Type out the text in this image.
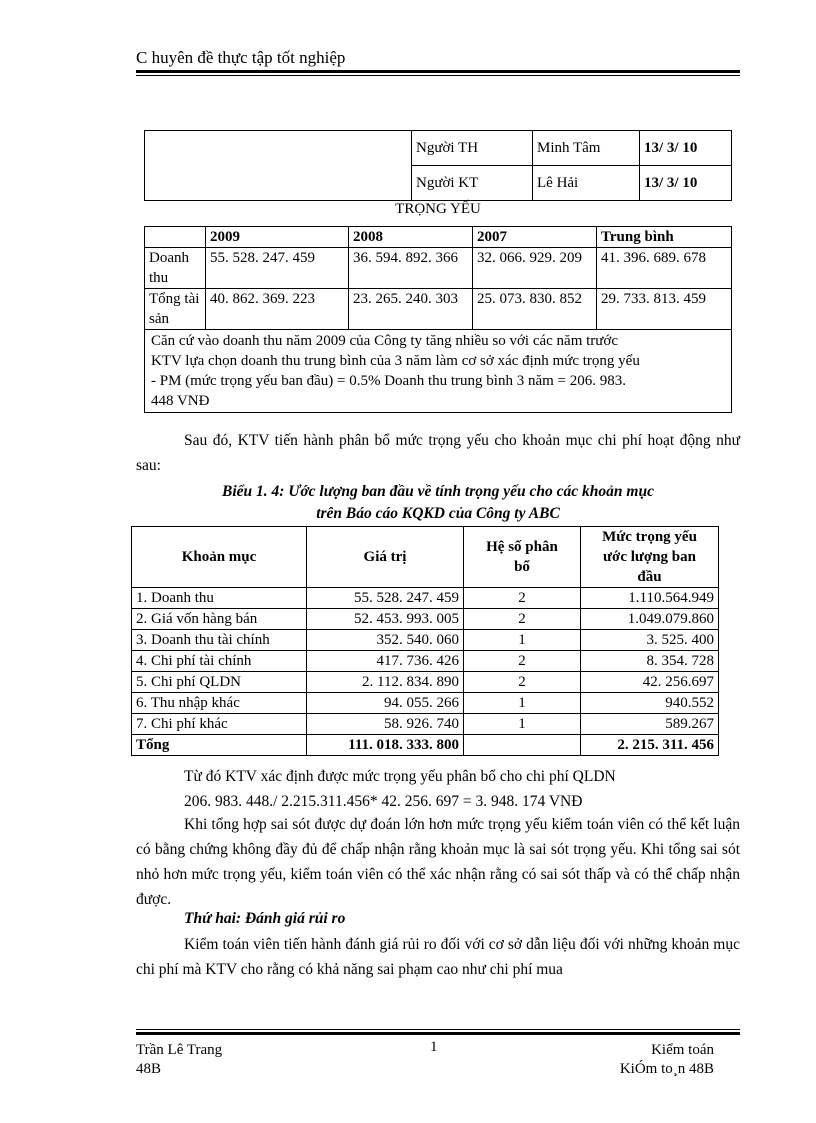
C huyên đề thực tập tốt nghiệp
	Người TH	Minh Tâm	13/ 3/ 10
	Người KT	Lê Hải	13/ 3/ 10
TRỌNG YẾU
	2009	2008	2007	Trung bình
Doanh thu	55. 528. 247. 459	36. 594. 892. 366	32. 066. 929. 209	41. 396. 689. 678
Tổng tài sản	40. 862. 369. 223	23. 265. 240. 303	25. 073. 830. 852	29. 733. 813. 459

Căn cứ vào doanh thu năm 2009 của Công ty tăng nhiều so với các năm trước
KTV lựa chọn doanh thu trung bình của 3 năm làm cơ sở xác định mức trọng yếu
- PM (mức trọng yếu ban đầu) = 0.5% Doanh thu trung bình 3 năm = 206. 983.
448 VNĐ				
Sau đó, KTV tiến hành phân bổ mức trọng yếu cho khoản mục chi phí hoạt động như sau:
Biểu 1. 4: Ước lượng ban đầu về tính trọng yếu cho các khoản mục
trên Báo cáo KQKD của Công ty ABC
Khoản mục	Giá trị	Hệ số phân bổ	Mức trọng yếu ước lượng ban đầu
1. Doanh thu	55. 528. 247. 459	2	1.110.564.949
2. Giá vốn hàng bán	52. 453. 993. 005	2	1.049.079.860
3. Doanh thu tài chính	352. 540. 060	1	3. 525. 400
4. Chi phí tài chính	417. 736. 426	2	8. 354. 728
5. Chi phí QLDN	2. 112. 834. 890	2	42. 256.697
6. Thu nhập khác	94. 055. 266	1	940.552
7. Chi phí khác	58. 926. 740	1	589.267
Tổng	111. 018. 333. 800		2. 215. 311. 456
Từ đó KTV xác định được mức trọng yếu phân bổ cho chi phí QLDN
206. 983. 448./ 2.215.311.456* 42. 256. 697 = 3. 948. 174 VNĐ
Khi tổng hợp sai sót được dự đoán lớn hơn mức trọng yếu kiểm toán viên có thể kết luận có bằng chứng không đầy đủ để chấp nhận rằng khoản mục là sai sót trọng yếu. Khi tổng sai sót nhỏ hơn mức trọng yếu, kiểm toán viên có thể xác nhận rằng có sai sót thấp và có thể chấp nhận được.
Thứ hai: Đánh giá rủi ro
Kiểm toán viên tiến hành đánh giá rủi ro đối với cơ sở dẫn liệu đối với những khoản mục chi phí mà KTV cho rằng có khả năng sai phạm cao như chi phí mua
Trần Lê Trang
48B
1	Kiểm toán
KiÓm to¸n 48B
